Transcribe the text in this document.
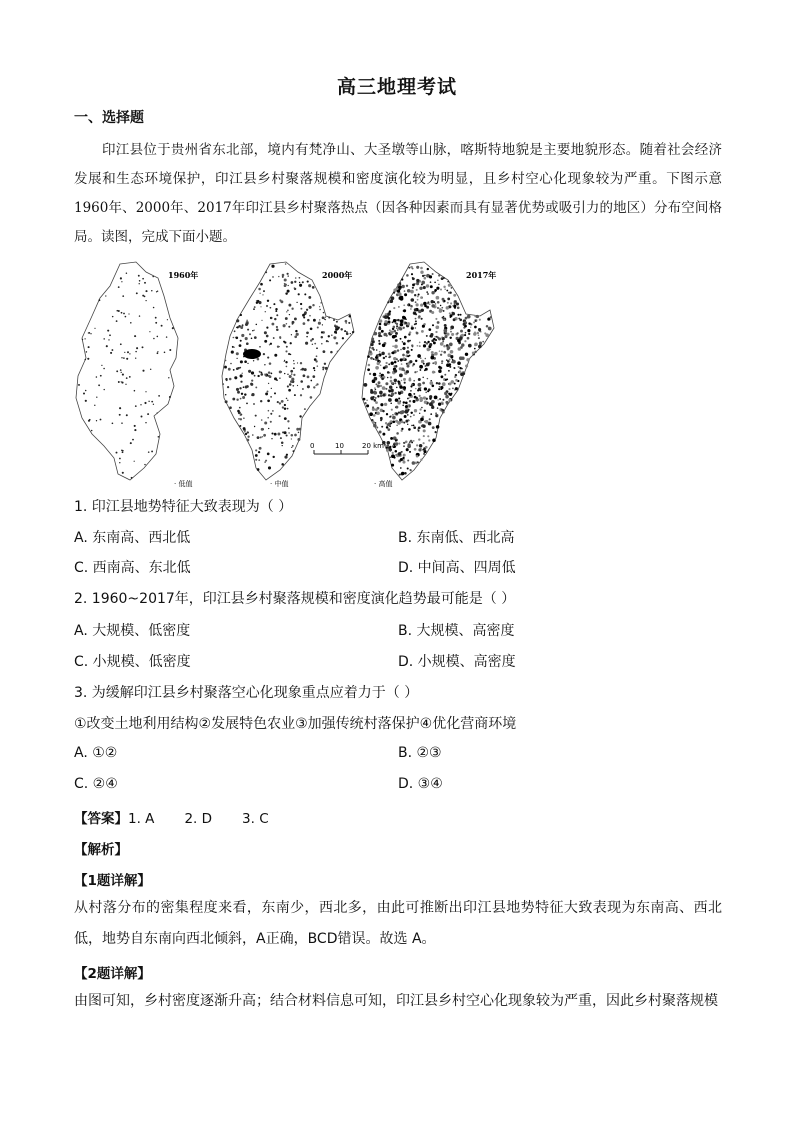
高三地理考试
一、选择题
印江县位于贵州省东北部，境内有梵净山、大圣墩等山脉，喀斯特地貌是主要地貌形态。随着社会经济发展和生态环境保护，印江县乡村聚落规模和密度演化较为明显，且乡村空心化现象较为严重。下图示意 1960年、2000年、2017年印江县乡村聚落热点（因各种因素而具有显著优势或吸引力的地区）分布空间格局。读图，完成下面小题。
1960年	2000年	2017年
0	10	20 km
· 低值	· 中值	· 高值
1. 印江县地势特征大致表现为（ ）
A. 东南高、西北低	B. 东南低、西北高
C. 西南高、东北低	D. 中间高、四周低
2. 1960~2017年，印江县乡村聚落规模和密度演化趋势最可能是（ ）
A. 大规模、低密度	B. 大规模、高密度
C. 小规模、低密度	D. 小规模、高密度
3. 为缓解印江县乡村聚落空心化现象重点应着力于（ ）
①改变土地利用结构②发展特色农业③加强传统村落保护④优化营商环境
A. ①②	B. ②③
C. ②④	D. ③④
【答案】1. A       2. D       3. C
【解析】
【1题详解】
从村落分布的密集程度来看，东南少，西北多，由此可推断出印江县地势特征大致表现为东南高、西北低，地势自东南向西北倾斜，A正确，BCD错误。故选 A。
【2题详解】
由图可知，乡村密度逐渐升高；结合材料信息可知，印江县乡村空心化现象较为严重，因此乡村聚落规模
